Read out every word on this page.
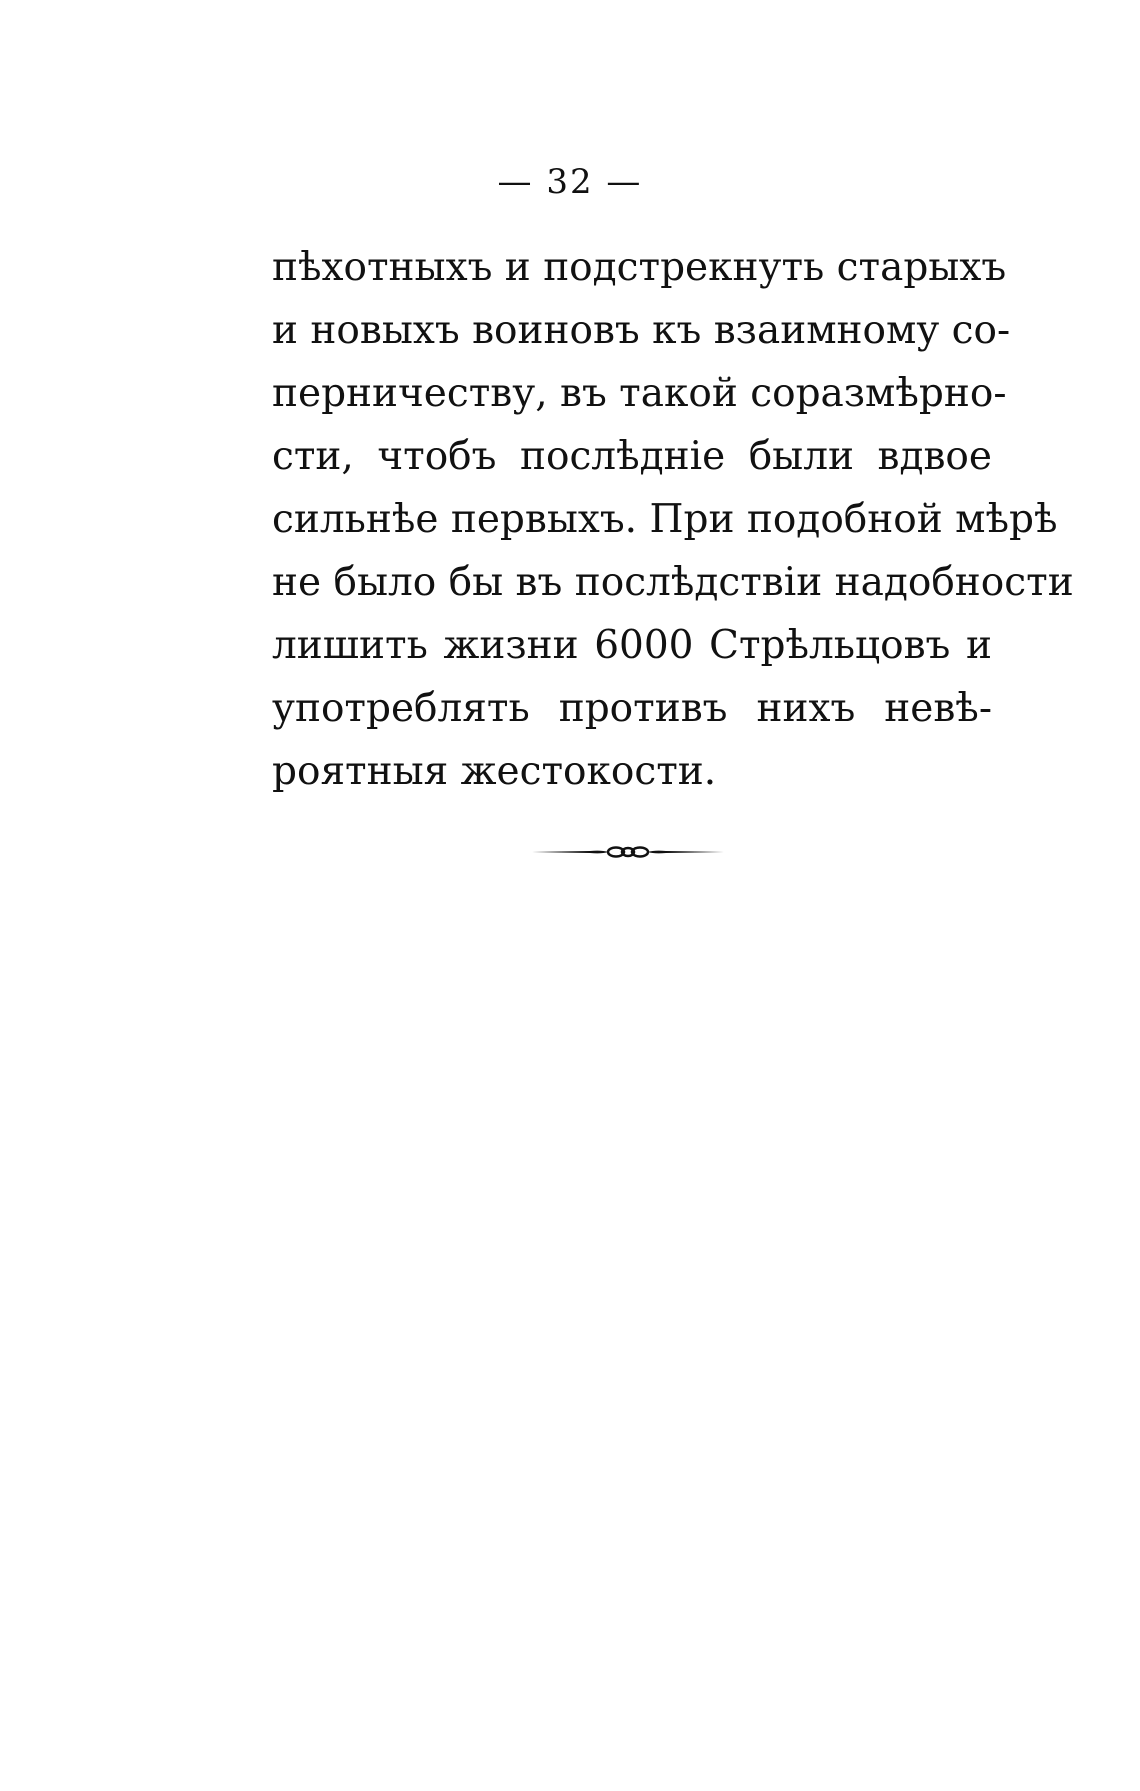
— 32 —
пѣхотныхъ и подстрекнуть старыхъ
и новыхъ воиновъ къ взаимному со-
перничеству, въ такой соразмѣрно-
сти, чтобъ послѣдніе были вдвое
сильнѣе первыхъ. При подобной мѣрѣ
не было бы въ послѣдствіи надобности
лишить жизни 6000 Стрѣльцовъ и
употреблять противъ нихъ невѣ-
роятныя жестокости.
